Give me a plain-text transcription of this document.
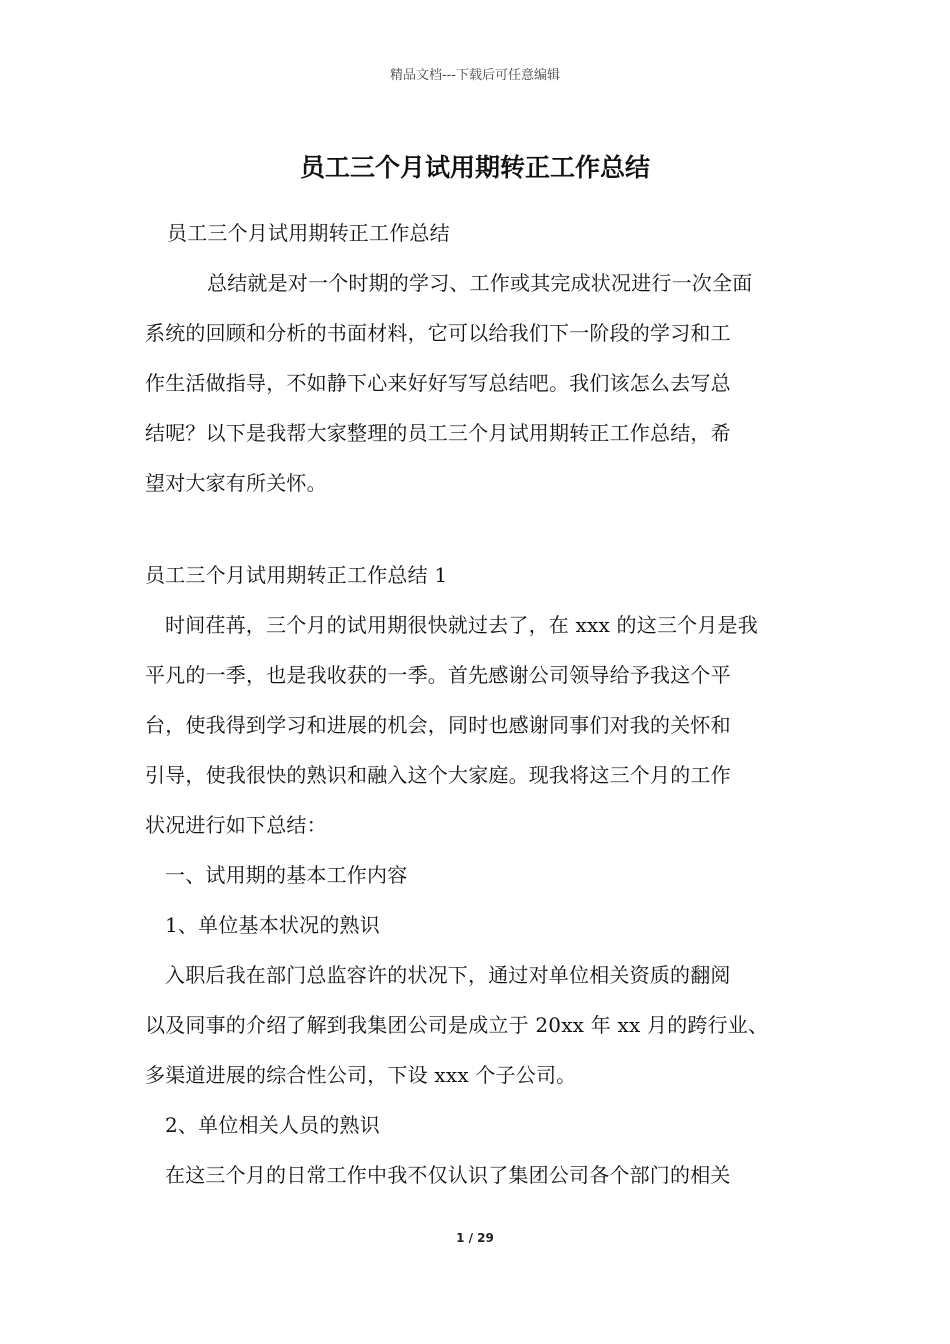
精品文档---下载后可任意编辑
员工三个月试用期转正工作总结
员工三个月试用期转正工作总结
总结就是对一个时期的学习、工作或其完成状况进行一次全面
系统的回顾和分析的书面材料，它可以给我们下一阶段的学习和工
作生活做指导，不如静下心来好好写写总结吧。我们该怎么去写总
结呢？以下是我帮大家整理的员工三个月试用期转正工作总结，希
望对大家有所关怀。
员工三个月试用期转正工作总结 1
时间荏苒，三个月的试用期很快就过去了，在 xxx 的这三个月是我
平凡的一季，也是我收获的一季。首先感谢公司领导给予我这个平
台，使我得到学习和进展的机会，同时也感谢同事们对我的关怀和
引导，使我很快的熟识和融入这个大家庭。现我将这三个月的工作
状况进行如下总结：
一、试用期的基本工作内容
1、单位基本状况的熟识
入职后我在部门总监容许的状况下，通过对单位相关资质的翻阅
以及同事的介绍了解到我集团公司是成立于 20xx 年 xx 月的跨行业、
多渠道进展的综合性公司，下设 xxx 个子公司。
2、单位相关人员的熟识
在这三个月的日常工作中我不仅认识了集团公司各个部门的相关
1 / 29
